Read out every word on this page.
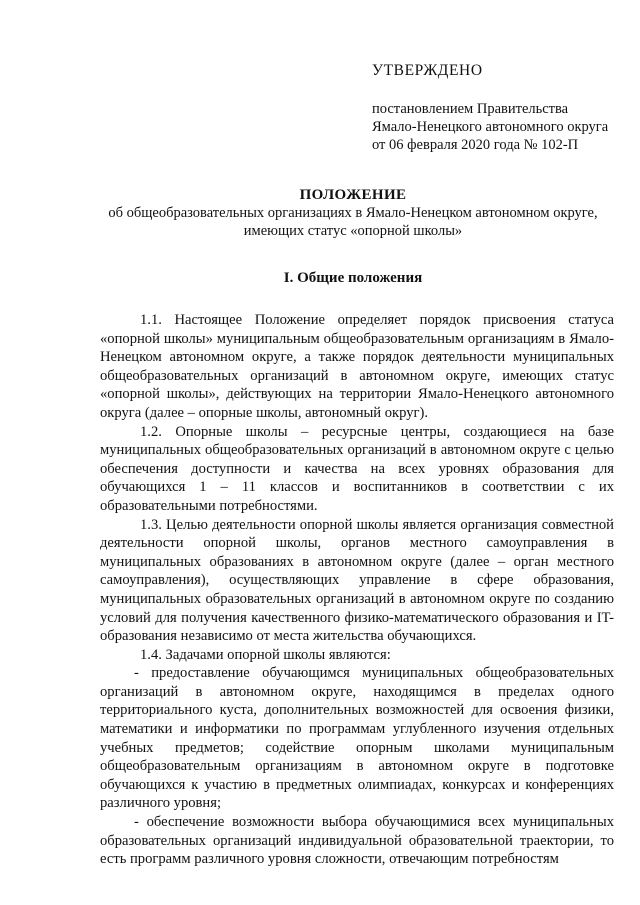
УТВЕРЖДЕНО
постановлением Правительства
Ямало-Ненецкого автономного округа
от 06 февраля 2020 года № 102-П
ПОЛОЖЕНИЕ
об общеобразовательных организациях в Ямало-Ненецком автономном округе,
имеющих статус «опорной школы»
I. Общие положения

1.1. Настоящее Положение определяет порядок присвоения статуса «опорной школы» муниципальным общеобразовательным организациям в Ямало-Ненецком автономном округе, а также порядок деятельности муниципальных общеобразовательных организаций в автономном округе, имеющих статус «опорной школы», действующих на территории Ямало-Ненецкого автономного округа (далее – опорные школы, автономный округ).

1.2. Опорные школы – ресурсные центры, создающиеся на базе муниципальных общеобразовательных организаций в автономном округе с целью обеспечения доступности и качества на всех уровнях образования для обучающихся 1 – 11 классов и воспитанников в соответствии с их образовательными потребностями.

1.3. Целью деятельности опорной школы является организация совместной деятельности опорной школы, органов местного самоуправления в муниципальных образованиях в автономном округе (далее – орган местного самоуправления), осуществляющих управление в сфере образования, муниципальных образовательных организаций в автономном округе по созданию условий для получения качественного физико-математического образования и IT-образования независимо от места жительства обучающихся.

1.4. Задачами опорной школы являются:

- предоставление обучающимся муниципальных общеобразовательных организаций в автономном округе, находящимся в пределах одного территориального куста, дополнительных возможностей для освоения физики, математики и информатики по программам углубленного изучения отдельных учебных предметов; содействие опорным школами муниципальным общеобразовательным организациям в автономном округе в подготовке обучающихся к участию в предметных олимпиадах, конкурсах и конференциях различного уровня;

- обеспечение возможности выбора обучающимися всех муниципальных образовательных организаций индивидуальной образовательной траектории, то есть программ различного уровня сложности, отвечающим потребностям
